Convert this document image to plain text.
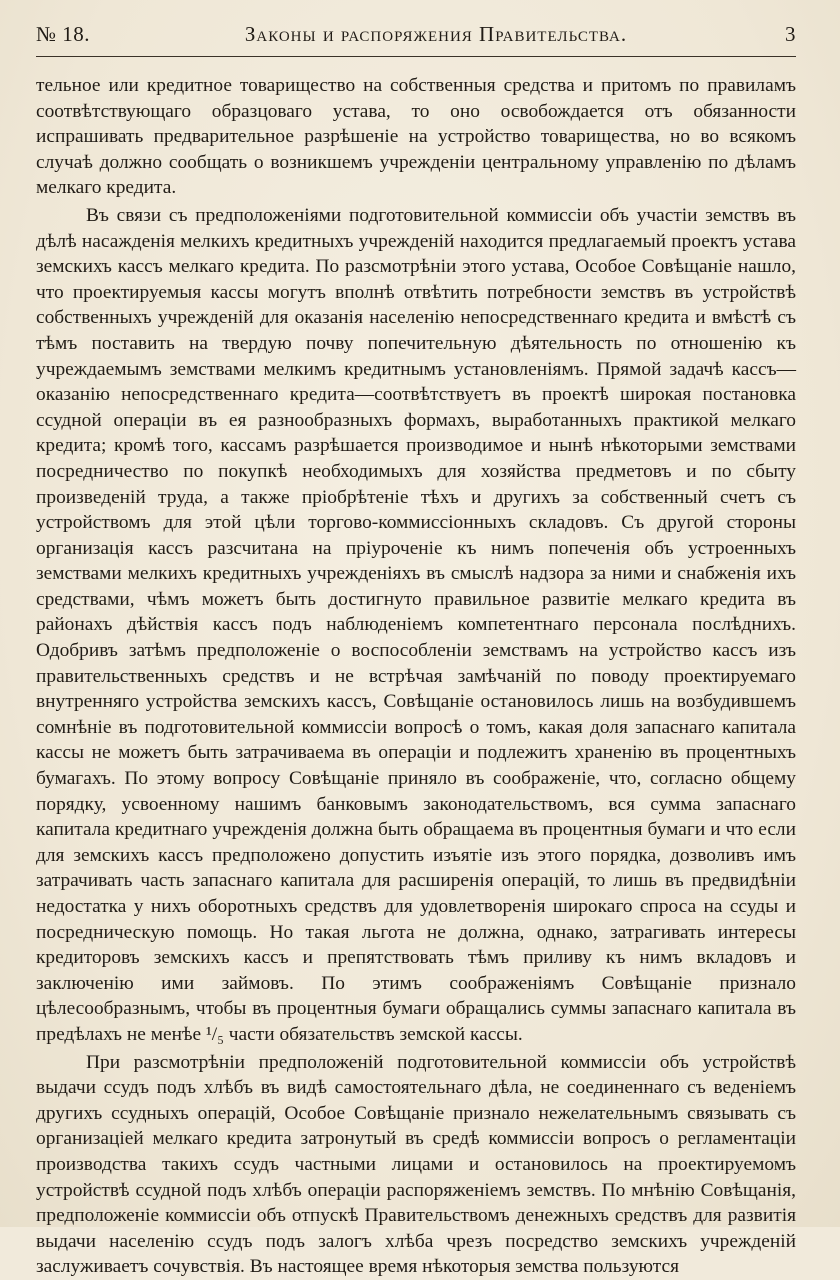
№ 18.	Законы и распоряжения Правительства.	3

тельное или кредитное товарищество на собственныя средства и притомъ по правиламъ соотвѣтствующаго образцоваго устава, то оно освобождается отъ обязанности испрашивать предварительное разрѣшеніе на устройство товарищества, но во всякомъ случаѣ должно сообщать о возникшемъ учрежденіи центральному управленію по дѣламъ мелкаго кредита.

Въ связи съ предположеніями подготовительной коммиссіи объ участіи земствъ въ дѣлѣ насажденія мелкихъ кредитныхъ учрежденій находится предлагаемый проектъ устава земскихъ кассъ мелкаго кредита. По разсмотрѣніи этого устава, Особое Совѣщаніе нашло, что проектируемыя кассы могутъ вполнѣ отвѣтить потребности земствъ въ устройствѣ собственныхъ учрежденій для оказанія населенію непосредственнаго кредита и вмѣстѣ съ тѣмъ поставить на твердую почву попечительную дѣятельность по отношенію къ учреждаемымъ земствами мелкимъ кредитнымъ установленіямъ. Прямой задачѣ кассъ—оказанію непосредственнаго кредита—соотвѣтствуетъ въ проектѣ широкая постановка ссудной операціи въ ея разнообразныхъ формахъ, выработанныхъ практикой мелкаго кредита; кромѣ того, кассамъ разрѣшается производимое и нынѣ нѣкоторыми земствами посредничество по покупкѣ необходимыхъ для хозяйства предметовъ и по сбыту произведеній труда, а также пріобрѣтеніе тѣхъ и другихъ за собственный счетъ съ устройствомъ для этой цѣли торгово-коммиссіонныхъ складовъ. Съ другой стороны организація кассъ разсчитана на пріуроченіе къ нимъ попеченія объ устроенныхъ земствами мелкихъ кредитныхъ учрежденіяхъ въ смыслѣ надзора за ними и снабженія ихъ средствами, чѣмъ можетъ быть достигнуто правильное развитіе мелкаго кредита въ районахъ дѣйствія кассъ подъ наблюденіемъ компетентнаго персонала послѣднихъ. Одобривъ затѣмъ предположеніе о воспособленіи земствамъ на устройство кассъ изъ правительственныхъ средствъ и не встрѣчая замѣчаній по поводу проектируемаго внутренняго устройства земскихъ кассъ, Совѣщаніе остановилось лишь на возбудившемъ сомнѣніе въ подготовительной коммиссіи вопросѣ о томъ, какая доля запаснаго капитала кассы не можетъ быть затрачиваема въ операціи и подлежитъ храненію въ процентныхъ бумагахъ. По этому вопросу Совѣщаніе приняло въ соображеніе, что, согласно общему порядку, усвоенному нашимъ банковымъ законодательствомъ, вся сумма запаснаго капитала кредитнаго учрежденія должна быть обращаема въ процентныя бумаги и что если для земскихъ кассъ предположено допустить изъятіе изъ этого порядка, дозволивъ имъ затрачивать часть запаснаго капитала для расширенія операцій, то лишь въ предвидѣніи недостатка у нихъ оборотныхъ средствъ для удовлетворенія широкаго спроса на ссуды и посредническую помощь. Но такая льгота не должна, однако, затрагивать интересы кредиторовъ земскихъ кассъ и препятствовать тѣмъ приливу къ нимъ вкладовъ и заключенію ими займовъ. По этимъ соображеніямъ Совѣщаніе признало цѣлесообразнымъ, чтобы въ процентныя бумаги обращались суммы запаснаго капитала въ предѣлахъ не менѣе ¹/₅ части обязательствъ земской кассы.

При разсмотрѣніи предположеній подготовительной коммиссіи объ устройствѣ выдачи ссудъ подъ хлѣбъ въ видѣ самостоятельнаго дѣла, не соединеннаго съ веденіемъ другихъ ссудныхъ операцій, Особое Совѣщаніе признало нежелательнымъ связывать съ организаціей мелкаго кредита затронутый въ средѣ коммиссіи вопросъ о регламентаціи производства такихъ ссудъ частными лицами и остановилось на проектируемомъ устройствѣ ссудной подъ хлѣбъ операціи распоряженіемъ земствъ. По мнѣнію Совѣщанія, предположеніе коммиссіи объ отпускѣ Правительствомъ денежныхъ средствъ для развитія выдачи населенію ссудъ подъ залогъ хлѣба чрезъ посредство земскихъ учрежденій заслуживаетъ сочувствія. Въ настоящее время нѣкоторыя земства пользуются
